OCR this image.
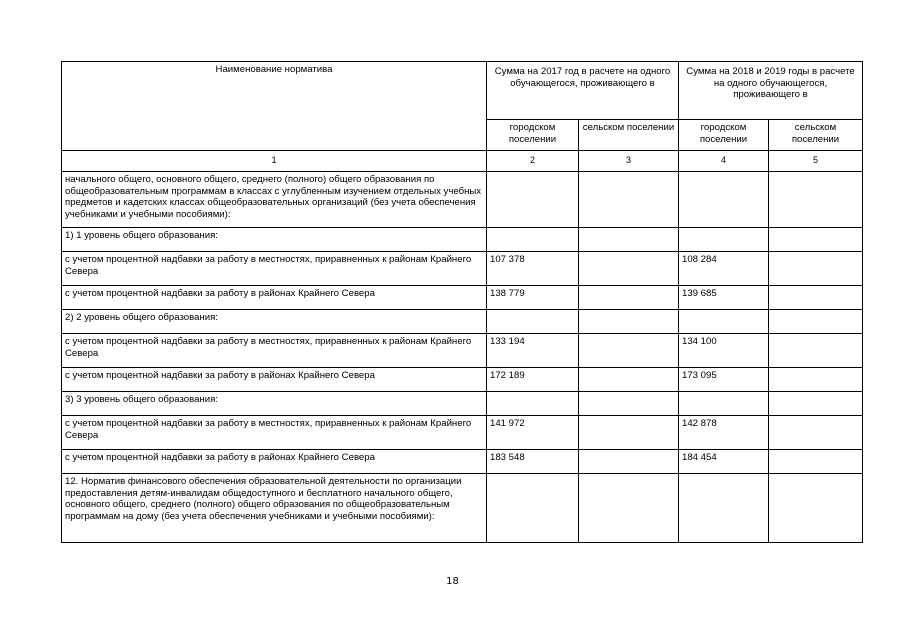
Наименование норматива	Сумма на 2017 год в расчете на одного обучающегося, проживающего в		Сумма на 2018 и 2019 годы в расчете на одного обучающегося, проживающего в	
	городском поселении	сельском поселении	городском поселении	сельском поселении
1	2	3	4	5
начального общего, основного общего, среднего (полного) общего образования по общеобразовательным программам в классах с углубленным изучением отдельных учебных предметов и кадетских классах общеобразовательных организаций (без учета обеспечения учебниками и учебными пособиями):				
1) 1 уровень общего образования:				
с учетом процентной надбавки за работу в местностях, приравненных к районам Крайнего Севера	107 378		108 284	
с учетом процентной надбавки за работу в районах Крайнего Севера	138 779		139 685	
2) 2 уровень общего образования:				
с учетом процентной надбавки за работу в местностях, приравненных к районам Крайнего Севера	133 194		134 100	
с учетом процентной надбавки за работу в районах Крайнего Севера	172 189		173 095	
3) 3 уровень общего образования:				
с учетом процентной надбавки за работу в местностях, приравненных к районам Крайнего Севера	141 972		142 878	
с учетом процентной надбавки за работу в районах Крайнего Севера	183 548		184 454	
12. Норматив финансового обеспечения образовательной деятельности по организации предоставления детям-инвалидам общедоступного и бесплатного начального общего, основного общего, среднего (полного) общего образования по общеобразовательным программам на дому (без учета обеспечения учебниками и учебными пособиями):				
18
